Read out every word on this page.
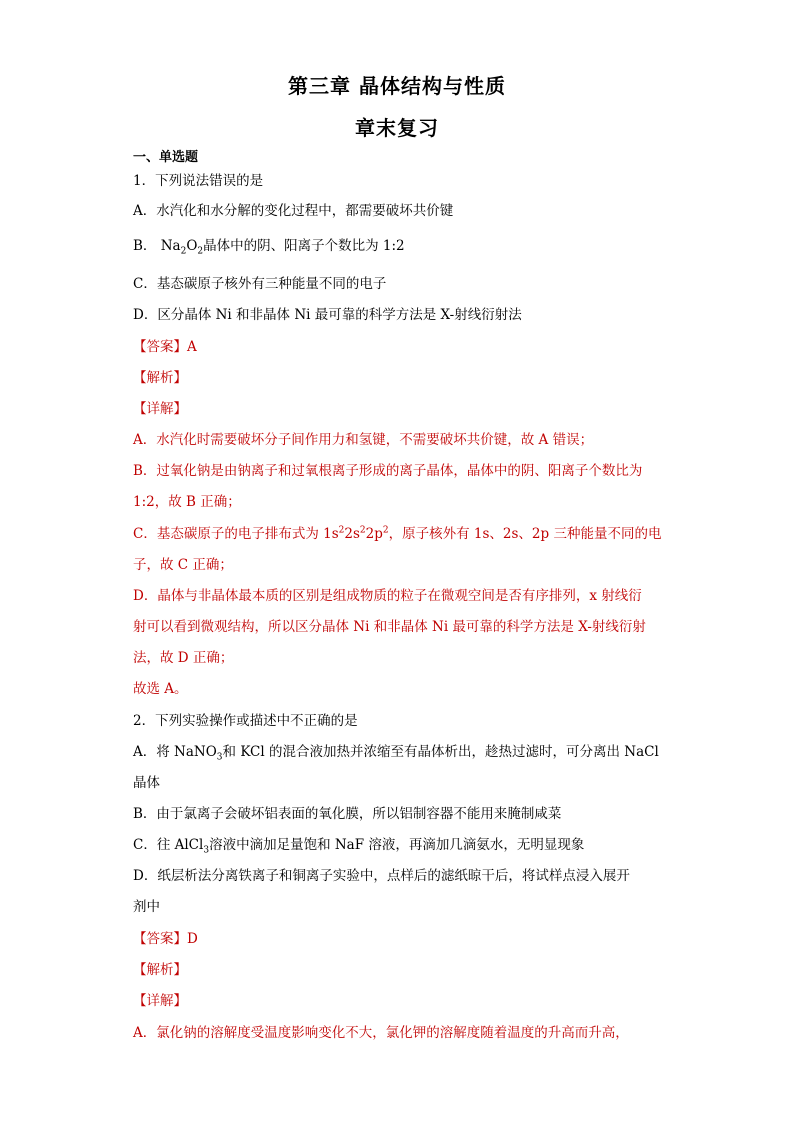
第三章 晶体结构与性质
章末复习
一、单选题
1．下列说法错误的是
A．水汽化和水分解的变化过程中，都需要破坏共价键
B． $Na_2O_2$晶体中的阴、阳离子个数比为 1:2
C．基态碳原子核外有三种能量不同的电子
D．区分晶体 Ni 和非晶体 Ni 最可靠的科学方法是 X-射线衍射法
【答案】A
【解析】
【详解】
A．水汽化时需要破坏分子间作用力和氢键，不需要破坏共价键，故 A 错误；
B．过氧化钠是由钠离子和过氧根离子形成的离子晶体，晶体中的阴、阳离子个数比为
1:2，故 B 正确；
C．基态碳原子的电子排布式为 $1s^22s^22p^2$，原子核外有 1s、2s、2p 三种能量不同的电
子，故 C 正确；
D．晶体与非晶体最本质的区别是组成物质的粒子在微观空间是否有序排列，x 射线衍
射可以看到微观结构，所以区分晶体 Ni 和非晶体 Ni 最可靠的科学方法是 X-射线衍射
法，故 D 正确；
故选 A。
2．下列实验操作或描述中不正确的是
A．将 NaNO$_3$和 KCl 的混合液加热并浓缩至有晶体析出，趁热过滤时，可分离出 NaCl
晶体
B．由于氯离子会破坏铝表面的氧化膜，所以铝制容器不能用来腌制咸菜
C．往 AlCl$_3$溶液中滴加足量饱和 NaF 溶液，再滴加几滴氨水，无明显现象
D．纸层析法分离铁离子和铜离子实验中，点样后的滤纸晾干后，将试样点浸入展开
剂中
【答案】D
【解析】
【详解】
A．氯化钠的溶解度受温度影响变化不大，氯化钾的溶解度随着温度的升高而升高，
